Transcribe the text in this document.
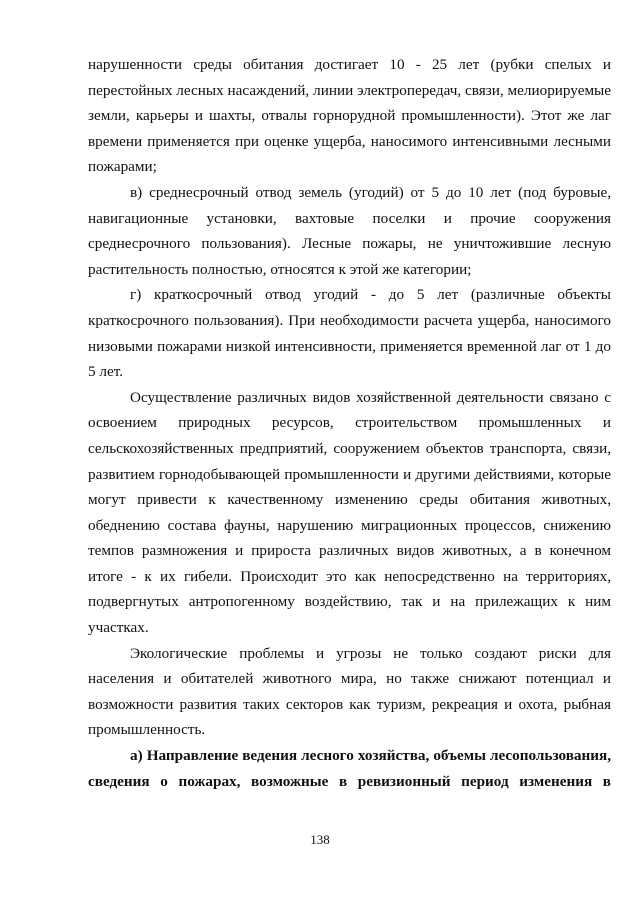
нарушенности среды обитания достигает 10 - 25 лет (рубки спелых и перестойных лесных насаждений, линии электропередач, связи, мелиорируемые земли, карьеры и шахты, отвалы горнорудной промышленности). Этот же лаг времени применяется при оценке ущерба, наносимого интенсивными лесными пожарами;

в) среднесрочный отвод земель (угодий) от 5 до 10 лет (под буровые, навигационные установки, вахтовые поселки и прочие сооружения среднесрочного пользования). Лесные пожары, не уничтожившие лесную растительность полностью, относятся к этой же категории;

г) краткосрочный отвод угодий - до 5 лет (различные объекты краткосрочного пользования). При необходимости расчета ущерба, наносимого низовыми пожарами низкой интенсивности, применяется временной лаг от 1 до 5 лет.

Осуществление различных видов хозяйственной деятельности связано с освоением природных ресурсов, строительством промышленных и сельскохозяйственных предприятий, сооружением объектов транспорта, связи, развитием горнодобывающей промышленности и другими действиями, которые могут привести к качественному изменению среды обитания животных, обеднению состава фауны, нарушению миграционных процессов, снижению темпов размножения и прироста различных видов животных, а в конечном итоге - к их гибели. Происходит это как непосредственно на территориях, подвергнутых антропогенному воздействию, так и на прилежащих к ним участках.

Экологические проблемы и угрозы не только создают риски для населения и обитателей животного мира, но также снижают потенциал и возможности развития таких секторов как туризм, рекреация и охота, рыбная промышленность.

а) Направление ведения лесного хозяйства, объемы лесопользования, сведения о пожарах, возможные в ревизионный период изменения в

138
